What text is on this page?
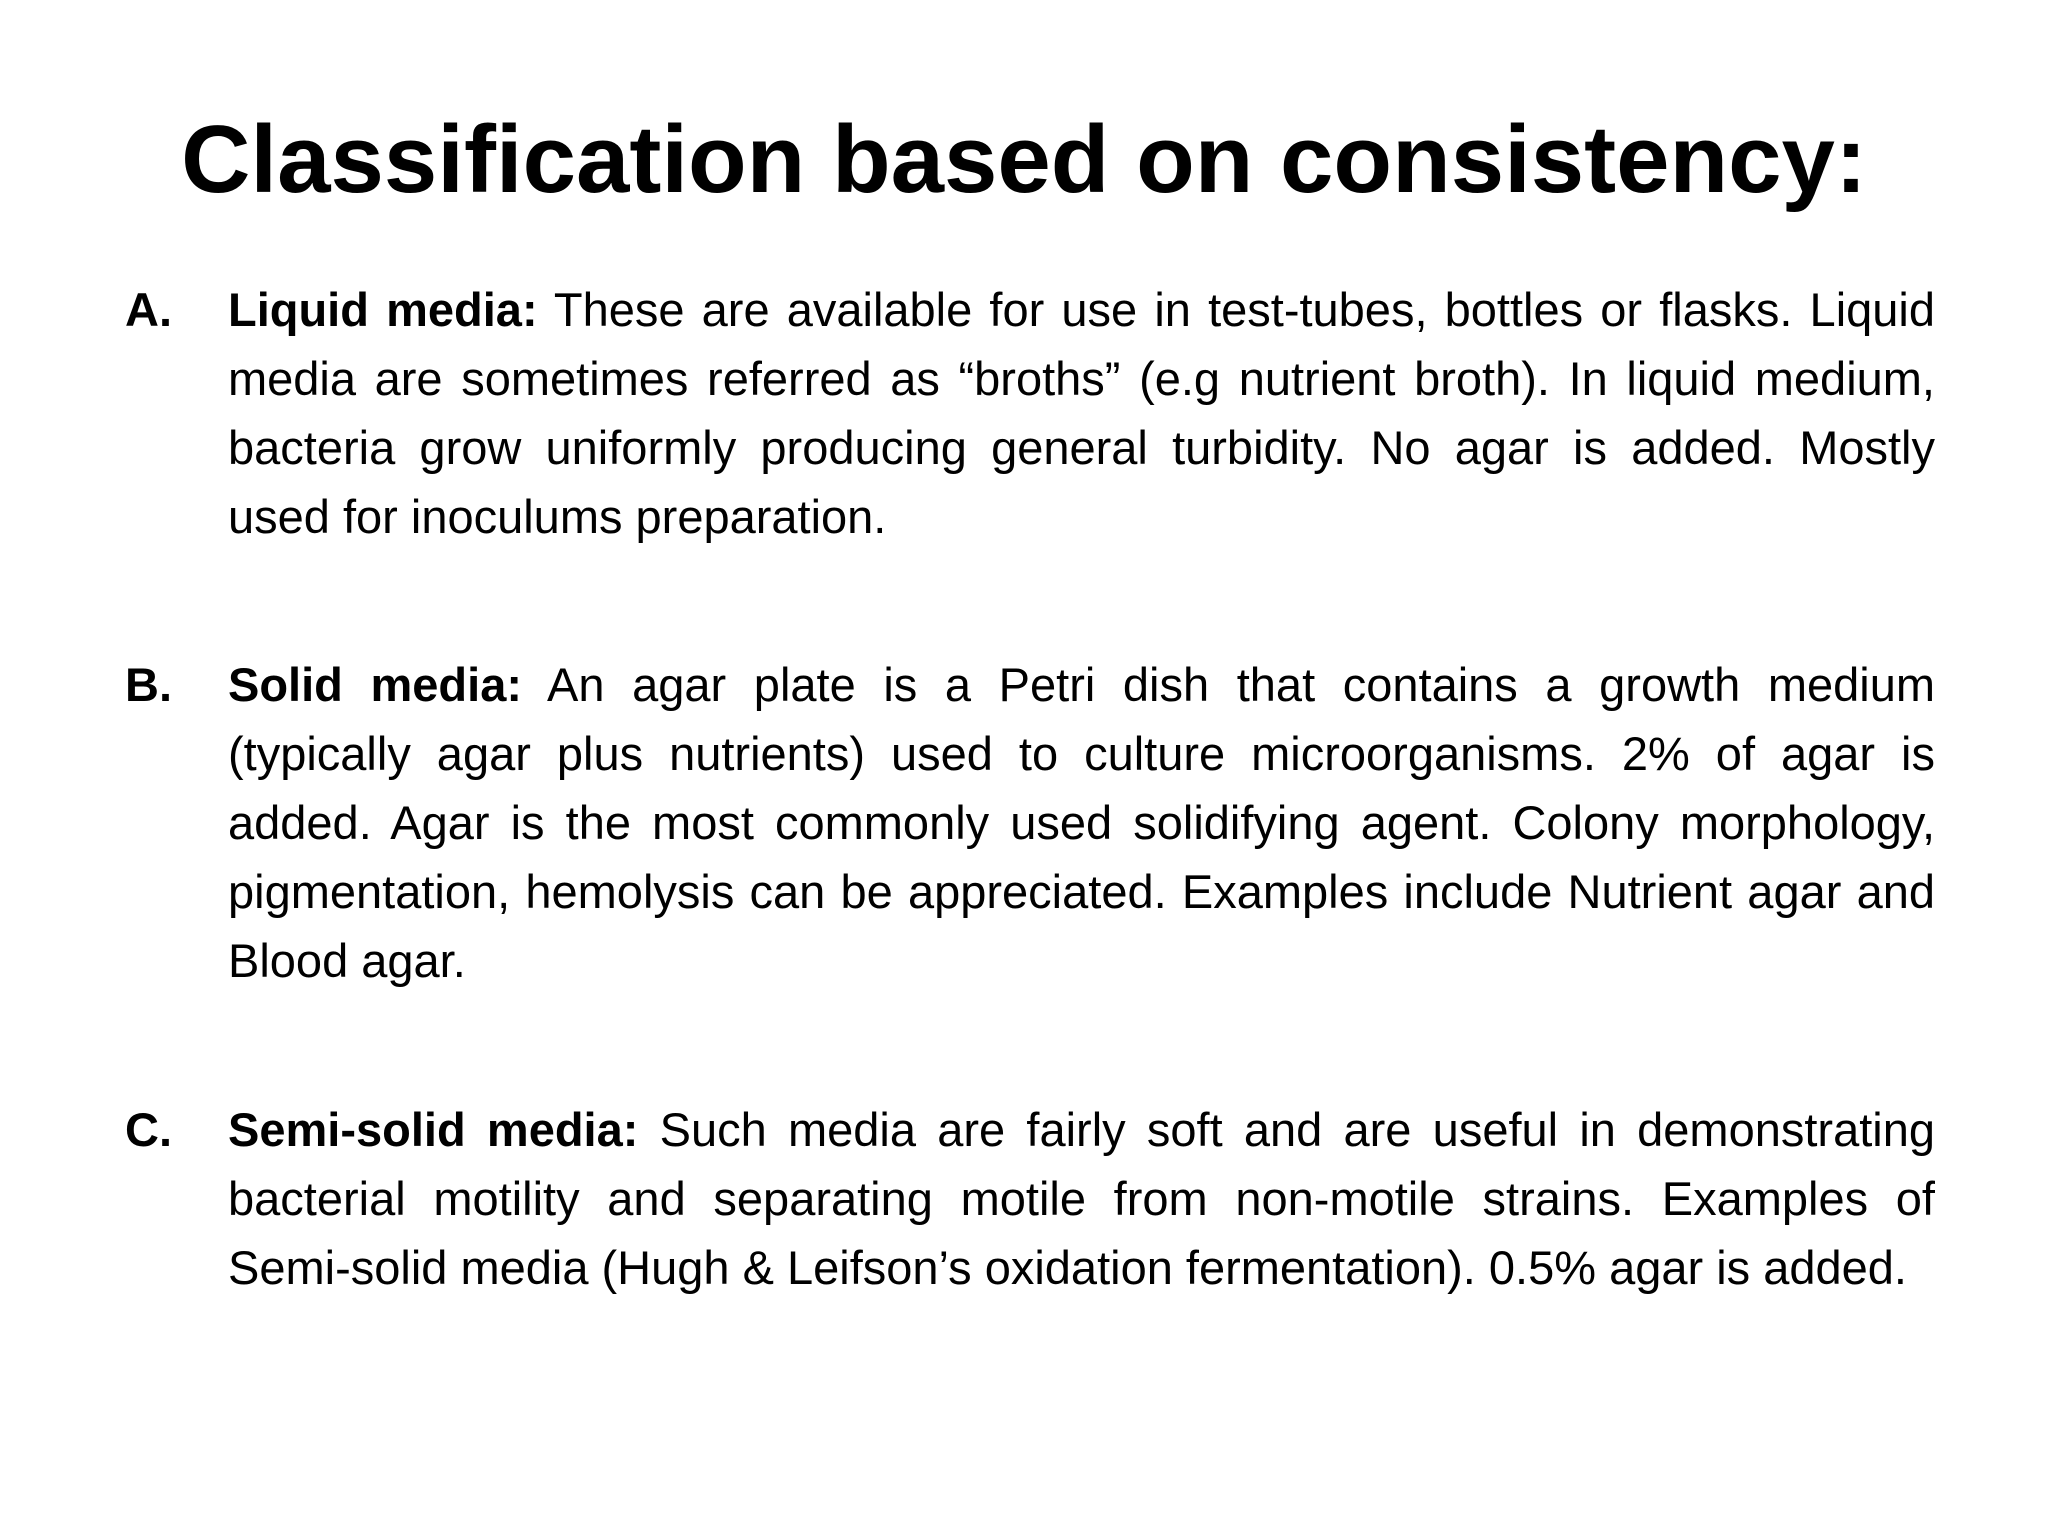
Classification based on consistency:
A. Liquid media: These are available for use in test-tubes, bottles or flasks. Liquid media are sometimes referred as “broths” (e.g nutrient broth). In liquid medium, bacteria grow uniformly producing general turbidity. No agar is added. Mostly used for inoculums preparation.
B. Solid media: An agar plate is a Petri dish that contains a growth medium (typically agar plus nutrients) used to culture microorganisms. 2% of agar is added. Agar is the most commonly used solidifying agent. Colony morphology, pigmentation, hemolysis can be appreciated. Examples include Nutrient agar and Blood agar.
C. Semi-solid media: Such media are fairly soft and are useful in demonstrating bacterial motility and separating motile from non-motile strains. Examples of Semi-solid media (Hugh & Leifson’s oxidation fermentation). 0.5% agar is added.
